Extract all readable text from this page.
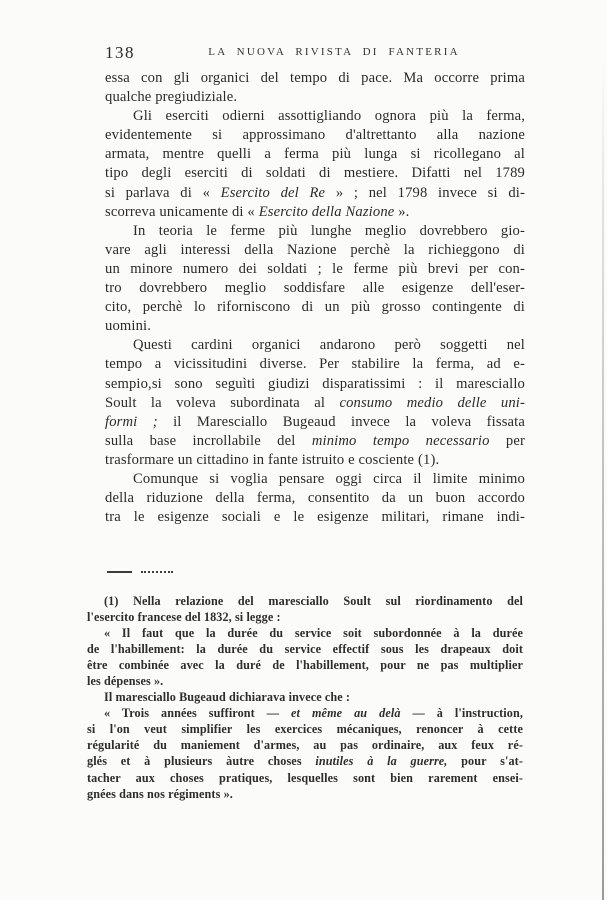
138	LA NUOVA RIVISTA DI FANTERIA
essa con gli organici del tempo di pace. Ma occorre prima
qualche pregiudiziale.
Gli eserciti odierni assottigliando ognora più la ferma,
evidentemente si approssimano d'altrettanto alla nazione
armata, mentre quelli a ferma più lunga si ricollegano al
tipo degli eserciti di soldati di mestiere. Difatti nel 1789
si parlava di « Esercito del Re » ; nel 1798 invece si di-
scorreva unicamente di « Esercito della Nazione ».
In teoria le ferme più lunghe meglio dovrebbero gio-
vare agli interessi della Nazione perchè la richieggono di
un minore numero dei soldati ; le ferme più brevi per con-
tro dovrebbero meglio soddisfare alle esigenze dell'eser-
cito, perchè lo riforniscono di un più grosso contingente di
uomini.
Questi cardini organici andarono però soggetti nel
tempo a vicissitudini diverse. Per stabilire la ferma, ad e-
sempio,si sono seguìti giudizi disparatissimi : il maresciallo
Soult la voleva subordinata al consumo medio delle uni-
formi ; il Maresciallo Bugeaud invece la voleva fissata
sulla base incrollabile del minimo tempo necessario per
trasformare un cittadino in fante istruito e cosciente (1).
Comunque si voglia pensare oggi circa il limite minimo
della riduzione della ferma, consentito da un buon accordo
tra le esigenze sociali e le esigenze militari, rimane indi-

(1) Nella relazione del maresciallo Soult sul riordinamento del
l'esercito francese del 1832, si legge :
« Il faut que la durée du service soit subordonnée à la durée
de l'habillement: la durée du service effectif sous les drapeaux doit
être combinée avec la duré de l'habillement, pour ne pas multiplier
les dépenses ».
Il maresciallo Bugeaud dichiarava invece che :
« Trois années suffiront — et même au delà — à l'instruction,
si l'on veut simplifier les exercices mécaniques, renoncer à cette
régularité du maniement d'armes, au pas ordinaire, aux feux ré-
glés et à plusieurs àutre choses inutiles à la guerre, pour s'at-
tacher aux choses pratiques, lesquelles sont bien rarement ensei-
gnées dans nos régiments ».
